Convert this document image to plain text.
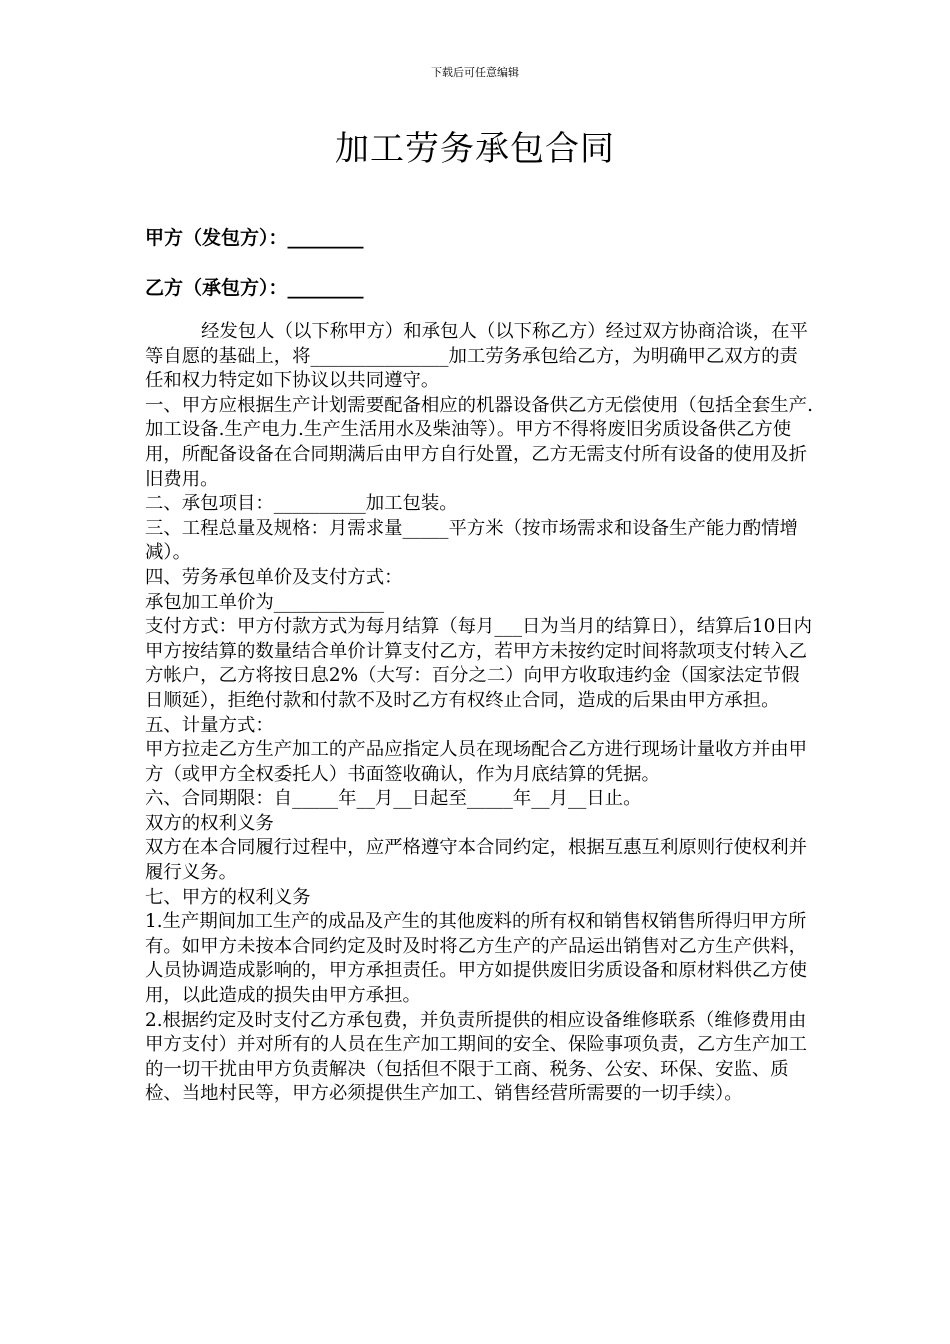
下载后可任意编辑
加工劳务承包合同
甲方（发包方）：________
乙方（承包方）：________

经发包人（以下称甲方）和承包人（以下称乙方）经过双方协商洽谈，在平等自愿的基础上，将_______________加工劳务承包给乙方，为明确甲乙双方的责任和权力特定如下协议以共同遵守。

一、甲方应根据生产计划需要配备相应的机器设备供乙方无偿使用（包括全套生产.加工设备.生产电力.生产生活用水及柴油等）。甲方不得将废旧劣质设备供乙方使用，所配备设备在合同期满后由甲方自行处置，乙方无需支付所有设备的使用及折旧费用。

二、承包项目：__________加工包装。

三、工程总量及规格：月需求量_____平方米（按市场需求和设备生产能力酌情增减）。

四、劳务承包单价及支付方式：

承包加工单价为____________

支付方式：甲方付款方式为每月结算（每月___日为当月的结算日），结算后10日内甲方按结算的数量结合单价计算支付乙方，若甲方未按约定时间将款项支付转入乙方帐户，乙方将按日息2%（大写：百分之二）向甲方收取违约金（国家法定节假日顺延），拒绝付款和付款不及时乙方有权终止合同，造成的后果由甲方承担。

五、计量方式：

甲方拉走乙方生产加工的产品应指定人员在现场配合乙方进行现场计量收方并由甲方（或甲方全权委托人）书面签收确认，作为月底结算的凭据。

六、合同期限：自_____年__月__日起至_____年__月__日止。

双方的权利义务

双方在本合同履行过程中，应严格遵守本合同约定，根据互惠互利原则行使权利并履行义务。

七、甲方的权利义务

1.生产期间加工生产的成品及产生的其他废料的所有权和销售权销售所得归甲方所有。如甲方未按本合同约定及时及时将乙方生产的产品运出销售对乙方生产供料，人员协调造成影响的，甲方承担责任。甲方如提供废旧劣质设备和原材料供乙方使用，以此造成的损失由甲方承担。

2.根据约定及时支付乙方承包费，并负责所提供的相应设备维修联系（维修费用由甲方支付）并对所有的人员在生产加工期间的安全、保险事项负责，乙方生产加工的一切干扰由甲方负责解决（包括但不限于工商、税务、公安、环保、安监、质检、当地村民等，甲方必须提供生产加工、销售经营所需要的一切手续）。
